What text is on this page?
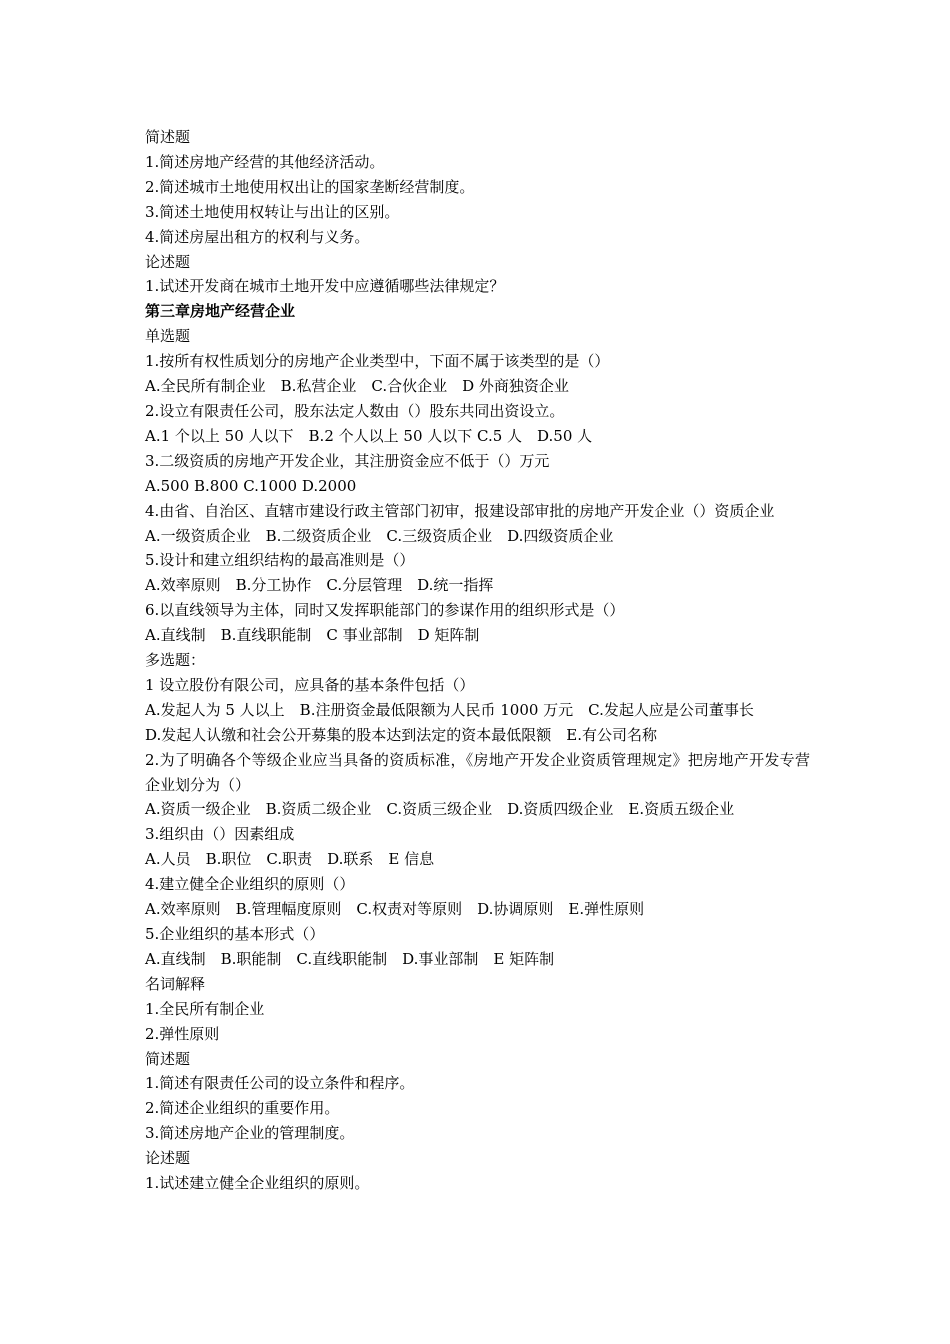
简述题

1.简述房地产经营的其他经济活动。

2.简述城市土地使用权出让的国家垄断经营制度。

3.简述土地使用权转让与出让的区别。

4.简述房屋出租方的权利与义务。

论述题

1.试述开发商在城市土地开发中应遵循哪些法律规定？

第三章房地产经营企业

单选题

1.按所有权性质划分的房地产企业类型中，下面不属于该类型的是（）

A.全民所有制企业　B.私营企业　C.合伙企业　D 外商独资企业

2.设立有限责任公司，股东法定人数由（）股东共同出资设立。

A.1 个以上 50 人以下　B.2 个人以上 50 人以下 C.5 人　D.50 人

3.二级资质的房地产开发企业，其注册资金应不低于（）万元

A.500 B.800 C.1000 D.2000

4.由省、自治区、直辖市建设行政主管部门初审，报建设部审批的房地产开发企业（）资质企业

A.一级资质企业　B.二级资质企业　C.三级资质企业　D.四级资质企业

5.设计和建立组织结构的最高准则是（）

A.效率原则　B.分工协作　C.分层管理　D.统一指挥

6.以直线领导为主体，同时又发挥职能部门的参谋作用的组织形式是（）

A.直线制　B.直线职能制　C 事业部制　D 矩阵制

多选题：

1 设立股份有限公司，应具备的基本条件包括（）

A.发起人为 5 人以上　B.注册资金最低限额为人民币 1000 万元　C.发起人应是公司董事长

D.发起人认缴和社会公开募集的股本达到法定的资本最低限额　E.有公司名称

2.为了明确各个等级企业应当具备的资质标准，《房地产开发企业资质管理规定》把房地产开发专营企业划分为（）

A.资质一级企业　B.资质二级企业　C.资质三级企业　D.资质四级企业　E.资质五级企业

3.组织由（）因素组成

A.人员　B.职位　C.职责　D.联系　E 信息

4.建立健全企业组织的原则（）

A.效率原则　B.管理幅度原则　C.权责对等原则　D.协调原则　E.弹性原则

5.企业组织的基本形式（）

A.直线制　B.职能制　C.直线职能制　D.事业部制　E 矩阵制

名词解释

1.全民所有制企业

2.弹性原则

简述题

1.简述有限责任公司的设立条件和程序。

2.简述企业组织的重要作用。

3.简述房地产企业的管理制度。

论述题

1.试述建立健全企业组织的原则。
